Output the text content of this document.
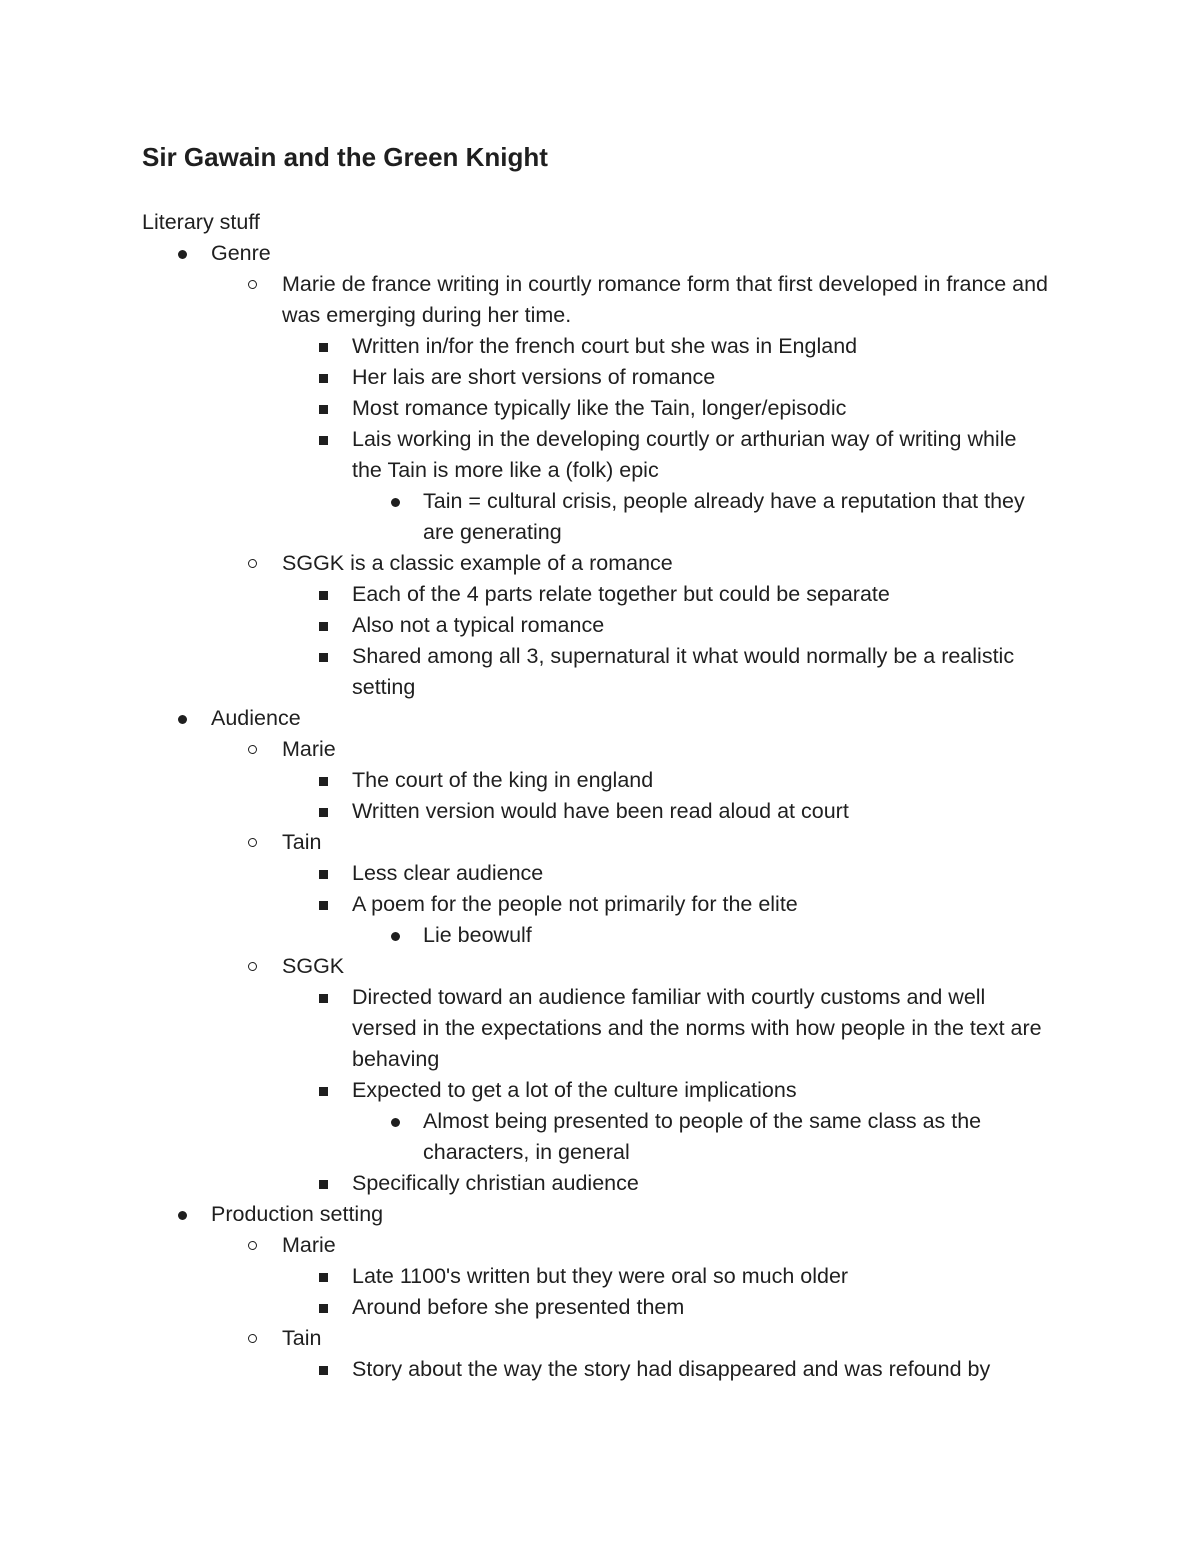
Sir Gawain and the Green Knight
Literary stuff
Genre
Marie de france writing in courtly romance form that first developed in france and was emerging during her time.
Written in/for the french court but she was in England
Her lais are short versions of romance
Most romance typically like the Tain, longer/episodic
Lais working in the developing courtly or arthurian way of writing while the Tain is more like a (folk) epic
Tain = cultural crisis, people already have a reputation that they are generating
SGGK is a classic example of a romance
Each of the 4 parts relate together but could be separate
Also not a typical romance
Shared among all 3, supernatural it what would normally be a realistic setting
Audience
Marie
The court of the king in england
Written version would have been read aloud at court
Tain
Less clear audience
A poem for the people not primarily for the elite
Lie beowulf
SGGK
Directed toward an audience familiar with courtly customs and well versed in the expectations and the norms with how people in the text are behaving
Expected to get a lot of the culture implications
Almost being presented to people of the same class as the characters, in general
Specifically christian audience
Production setting
Marie
Late 1100's written but they were oral so much older
Around before she presented them
Tain
Story about the way the story had disappeared and was refound by
